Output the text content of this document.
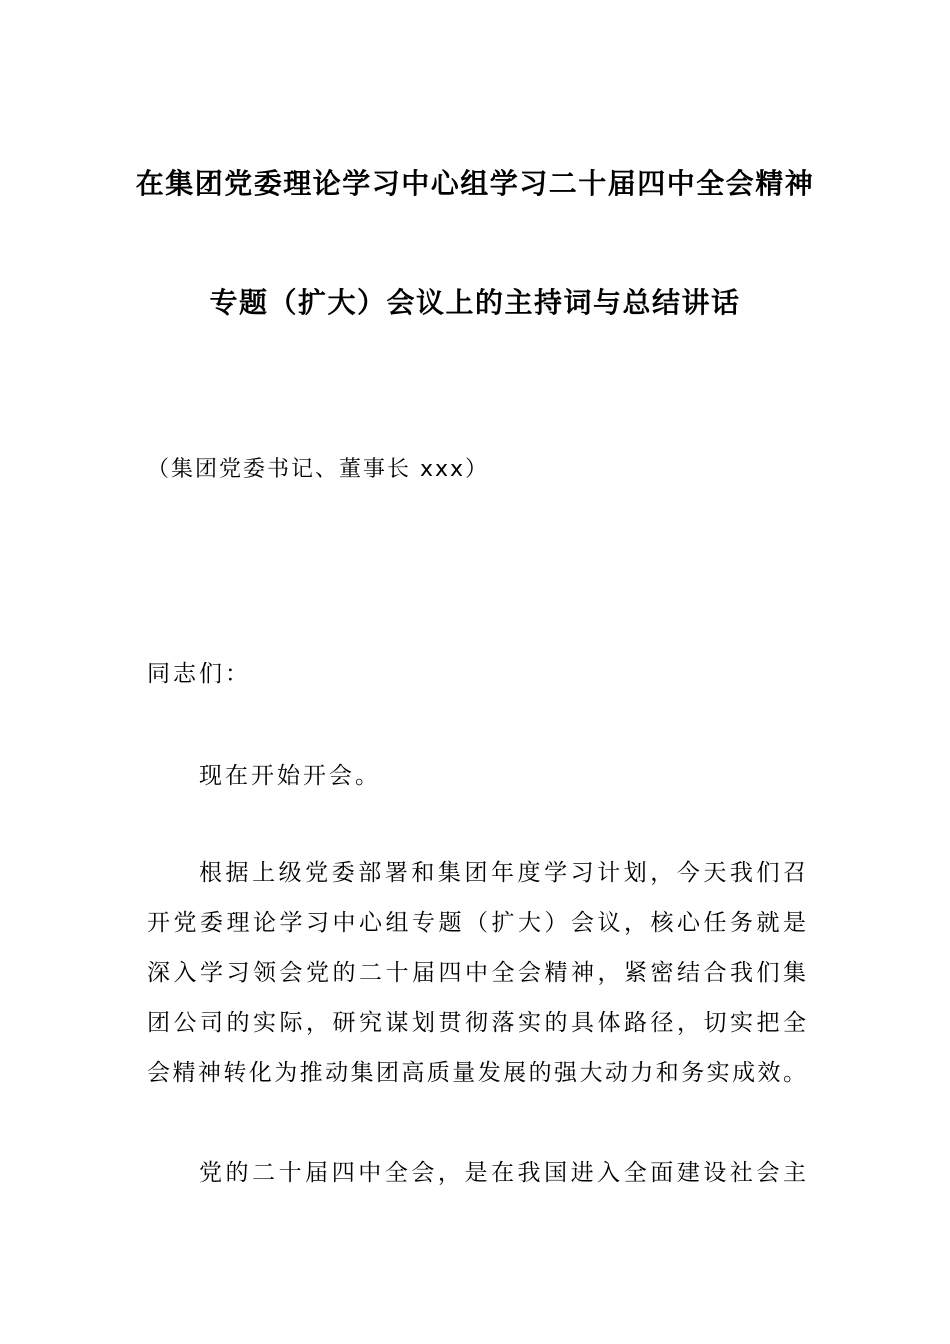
在集团党委理论学习中心组学习二十届四中全会精神
专题（扩大）会议上的主持词与总结讲话
（集团党委书记、董事长 xxx）
同志们：
现在开始开会。
根据上级党委部署和集团年度学习计划，今天我们召
开党委理论学习中心组专题（扩大）会议，核心任务就是
深入学习领会党的二十届四中全会精神，紧密结合我们集
团公司的实际，研究谋划贯彻落实的具体路径，切实把全
会精神转化为推动集团高质量发展的强大动力和务实成效。
党的二十届四中全会，是在我国进入全面建设社会主
